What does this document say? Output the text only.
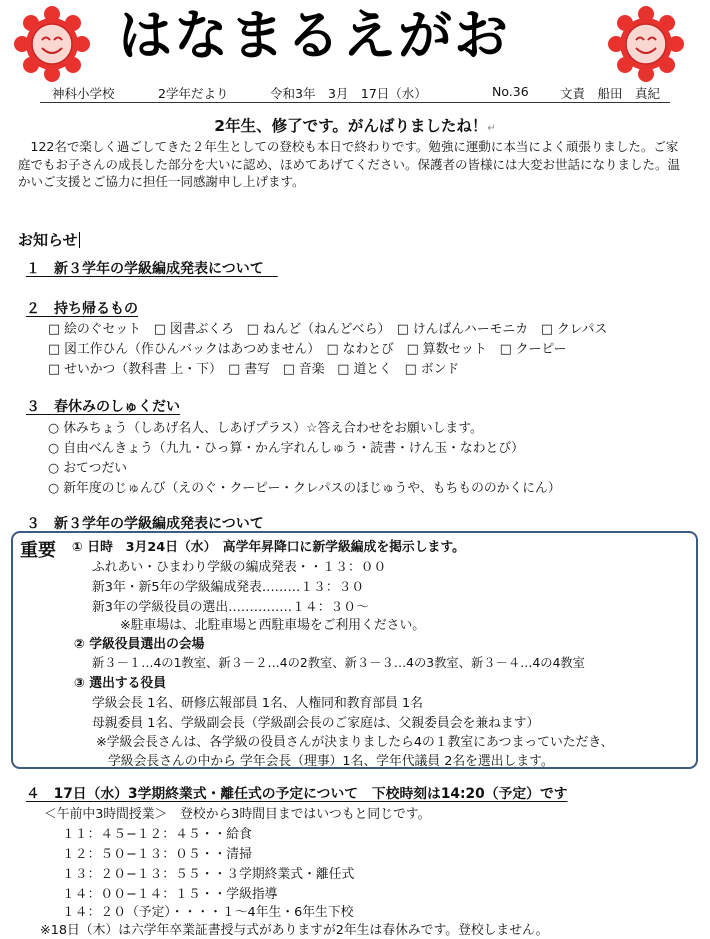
はなまるえがお
神科小学校	2学年だより	令和3年　3月　17日（水）	No.36	文責　船田　真紀
2年生、修了です。がんばりましたね！↵
　122名で楽しく過ごしてきた２年生としての登校も本日で終わりです。勉強に運動に本当によく頑張りました。ご家庭でもお子さんの成長した部分を大いに認め、ほめてあげてください。保護者の皆様には大変お世話になりました。温かいご支援とご協力に担任一同感謝申し上げます。
お知らせ
１　新３学年の学級編成発表について　
２　持ち帰るもの
□ 絵のぐセット　□ 図書ぶくろ　□ ねんど（ねんどべら）　□ けんばんハーモニカ　□ クレパス
□ 図工作ひん（作ひんバックはあつめません）　□ なわとび　□ 算数セット　□ クーピー
□ せいかつ（教科書 上・下）　□ 書写　□ 音楽　□ 道とく　□ ボンド
３　春休みのしゅくだい
○ 休みちょう（しあげ名人、しあげプラス）☆答え合わせをお願いします。
○ 自由べんきょう（九九・ひっ算・かん字れんしゅう・読書・けん玉・なわとび）
○ おてつだい
○ 新年度のじゅんび（えのぐ・クーピー・クレパスのほじゅうや、もちもののかくにん）
３　新３学年の学級編成発表について
重要 ① 日時　3月24日（水）　高学年昇降口に新学級編成を掲示します。
ふれあい・ひまわり学級の編成発表・・１３：００
新3年・新5年の学級編成発表………１３：３０
新3年の学級役員の選出……………１４：３０～
※駐車場は、北駐車場と西駐車場をご利用ください。
② 学級役員選出の会場
新３－１…4の1教室、新３－２…4の2教室、新３－３…4の3教室、新３－４…4の4教室
③ 選出する役員
学級会長 1名、研修広報部員 1名、人権同和教育部員 1名
母親委員 1名、学級副会長（学級副会長のご家庭は、父親委員会を兼ねます）
※学級会長さんは、各学級の役員さんが決まりましたら4の１教室にあつまっていただき、
学級会長さんの中から 学年会長（理事）1名、学年代議員 2名を選出します。
４　17日（水）3学期終業式・離任式の予定について　下校時刻は14:20（予定）です
＜午前中3時間授業＞　登校から3時間目まではいつもと同じです。
１１：４５−１２：４５・・給食
１２：５０−１３：０５・・清掃
１３：２０−１３：５５・・３学期終業式・離任式
１４：００−１４：１５・・学級指導
１４：２０（予定）・・・・１〜4年生・6年生下校
※18日（木）は六学年卒業証書授与式がありますが2年生は春休みです。登校しません。
